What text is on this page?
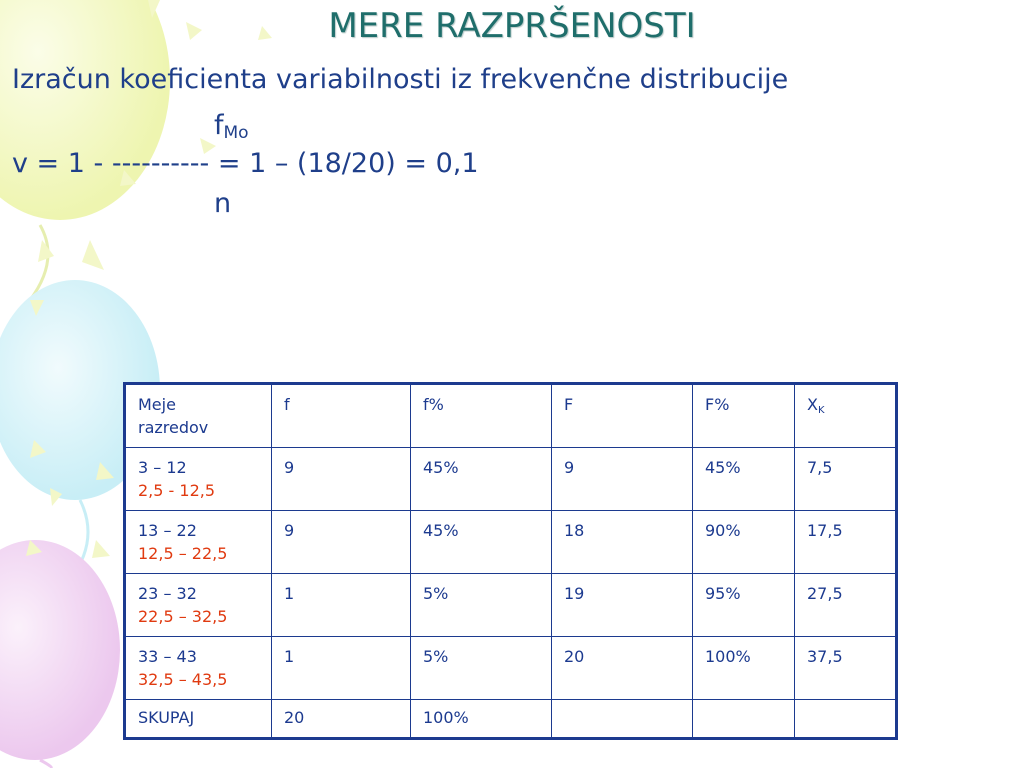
MERE RAZPRŠENOSTI
Izračun koeficienta variabilnosti iz frekvenčne distribucije
$f_{Mo}$
v = 1 - ---------- = 1 – (18/20) = 0,1
n
Meje
razredov	f	f%	F	F%	$X_K$

3 – 12
2,5 - 12,5	9	45%	9	45%	7,5

13 – 22
12,5 – 22,5	9	45%	18	90%	17,5

23 – 32
22,5 – 32,5	1	5%	19	95%	27,5

33 – 43
32,5 – 43,5	1	5%	20	100%	37,5
SKUPAJ	20	100%			
